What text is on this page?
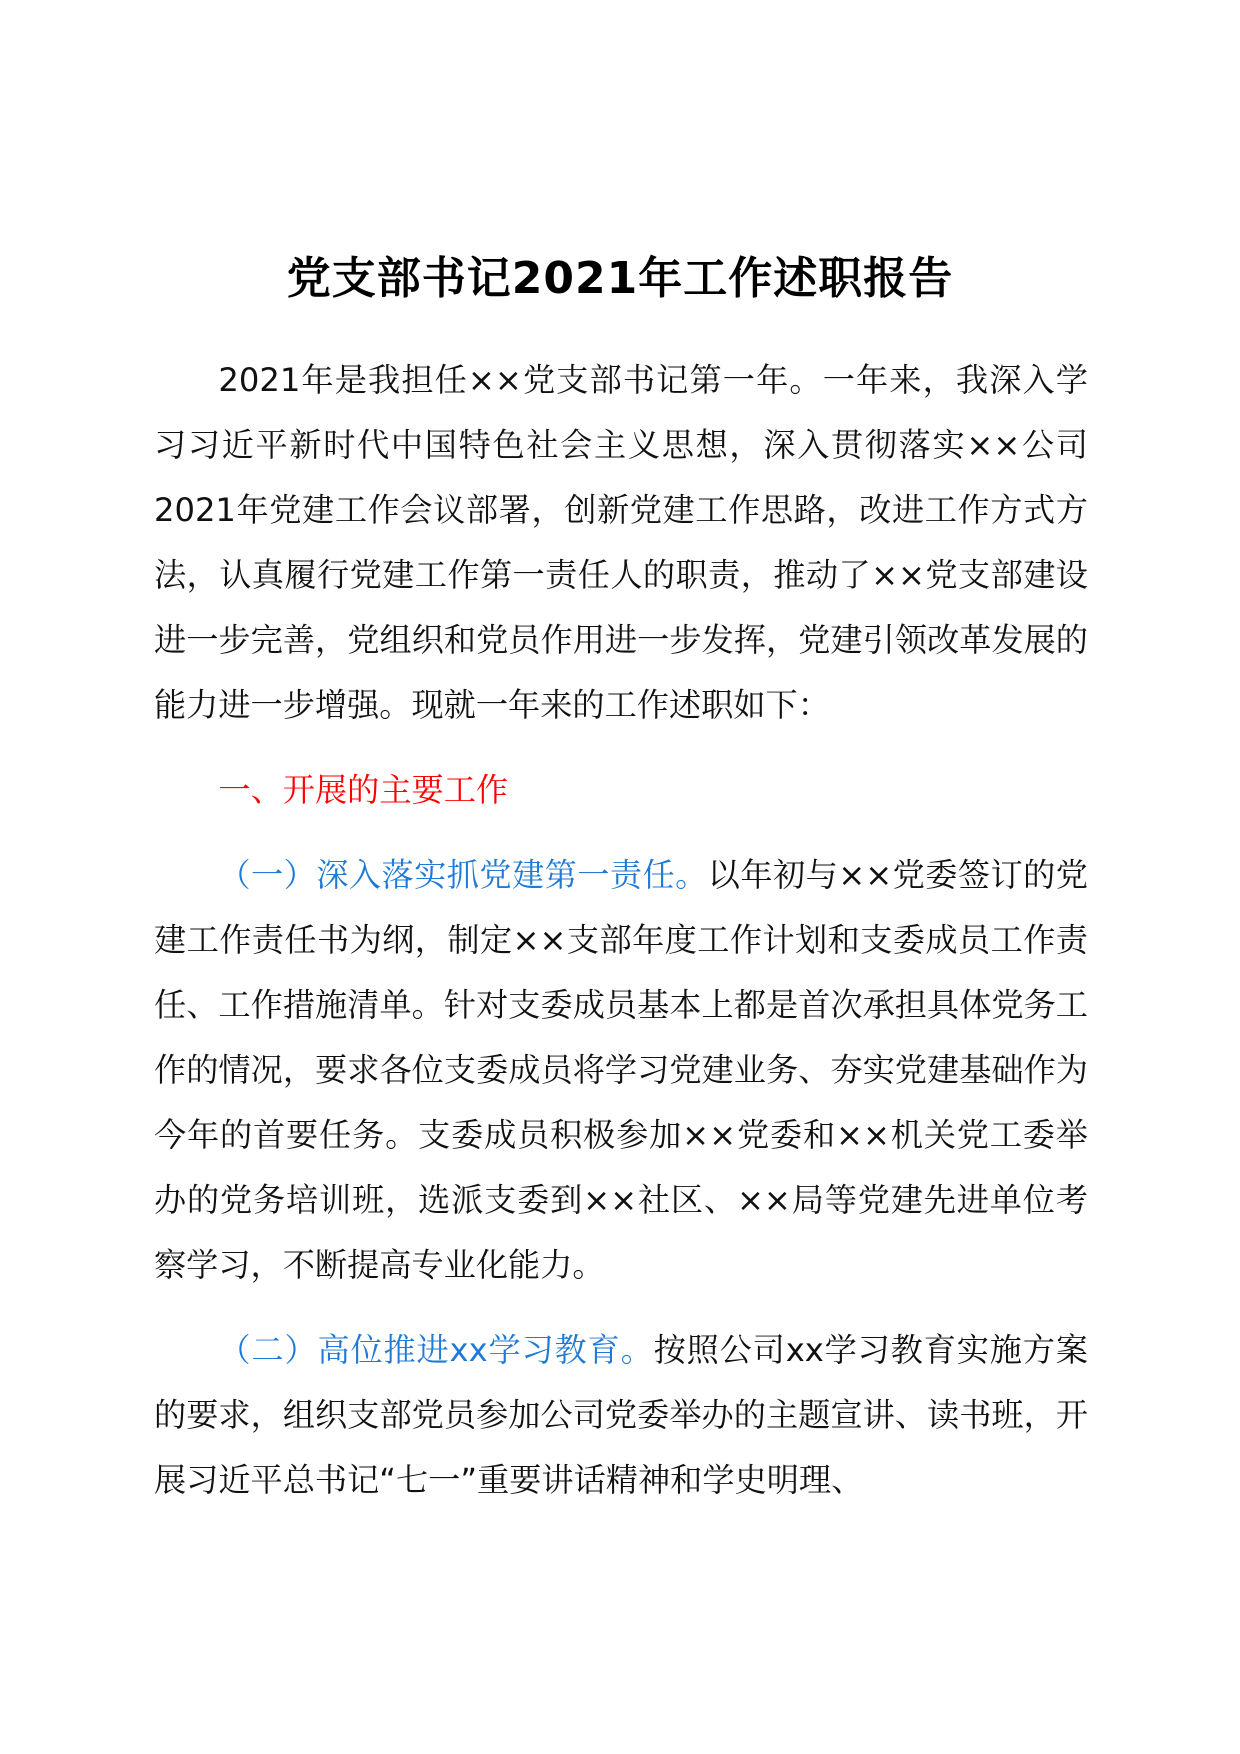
党支部书记2021年工作述职报告

2021年是我担任××党支部书记第一年。一年来，我深入学习习近平新时代中国特色社会主义思想，深入贯彻落实××公司2021年党建工作会议部署，创新党建工作思路，改进工作方式方法，认真履行党建工作第一责任人的职责，推动了××党支部建设进一步完善，党组织和党员作用进一步发挥，党建引领改革发展的能力进一步增强。现就一年来的工作述职如下：

一、开展的主要工作

（一）深入落实抓党建第一责任。以年初与××党委签订的党建工作责任书为纲，制定××支部年度工作计划和支委成员工作责任、工作措施清单。针对支委成员基本上都是首次承担具体党务工作的情况，要求各位支委成员将学习党建业务、夯实党建基础作为今年的首要任务。支委成员积极参加××党委和××机关党工委举办的党务培训班，选派支委到××社区、××局等党建先进单位考察学习，不断提高专业化能力。

（二）高位推进xx学习教育。按照公司xx学习教育实施方案的要求，组织支部党员参加公司党委举办的主题宣讲、读书班，开展习近平总书记“七一”重要讲话精神和学史明理、
